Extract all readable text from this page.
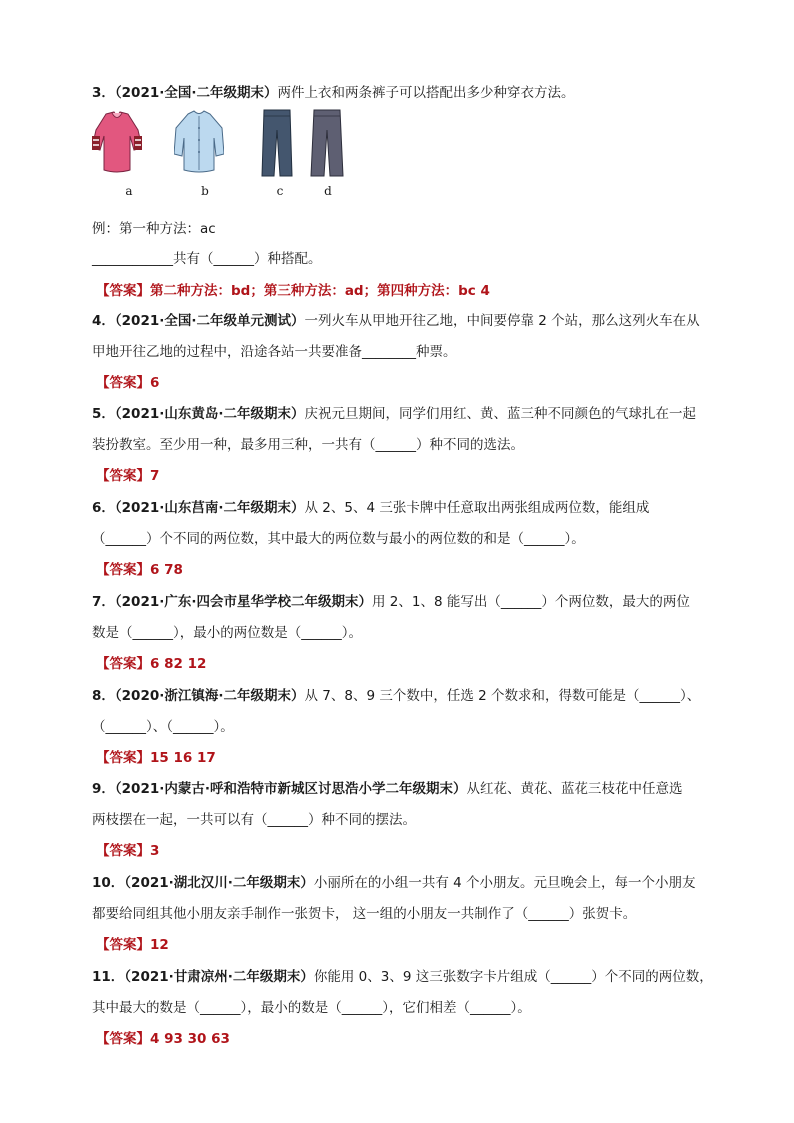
3．（2021·全国·二年级期末）两件上衣和两条裤子可以搭配出多少种穿衣方法。
a	b	c	d
例：第一种方法：ac
____________共有（______）种搭配。
【答案】第二种方法：bd；第三种方法：ad；第四种方法：bc 4
4．（2021·全国·二年级单元测试）一列火车从甲地开往乙地，中间要停靠 2 个站，那么这列火车在从
甲地开往乙地的过程中，沿途各站一共要准备________种票。
【答案】6
5．（2021·山东黄岛·二年级期末）庆祝元旦期间，同学们用红、黄、蓝三种不同颜色的气球扎在一起
装扮教室。至少用一种，最多用三种，一共有（______）种不同的选法。
【答案】7
6．（2021·山东莒南·二年级期末）从 2、5、4 三张卡牌中任意取出两张组成两位数，能组成
（______）个不同的两位数，其中最大的两位数与最小的两位数的和是（______）。
【答案】6 78
7．（2021·广东·四会市星华学校二年级期末）用 2、1、8 能写出（______）个两位数，最大的两位
数是（______），最小的两位数是（______）。
【答案】6 82 12
8．（2020·浙江镇海·二年级期末）从 7、8、9 三个数中，任选 2 个数求和，得数可能是（______）、
（______）、（______）。
【答案】15 16 17
9．（2021·内蒙古·呼和浩特市新城区讨思浩小学二年级期末）从红花、黄花、蓝花三枝花中任意选
两枝摆在一起，一共可以有（______）种不同的摆法。
【答案】3
10．（2021·湖北汉川·二年级期末）小丽所在的小组一共有 4 个小朋友。元旦晚会上，每一个小朋友
都要给同组其他小朋友亲手制作一张贺卡， 这一组的小朋友一共制作了（______）张贺卡。
【答案】12
11．（2021·甘肃凉州·二年级期末）你能用 0、3、9 这三张数字卡片组成（______）个不同的两位数，
其中最大的数是（______），最小的数是（______），它们相差（______）。
【答案】4 93 30 63
